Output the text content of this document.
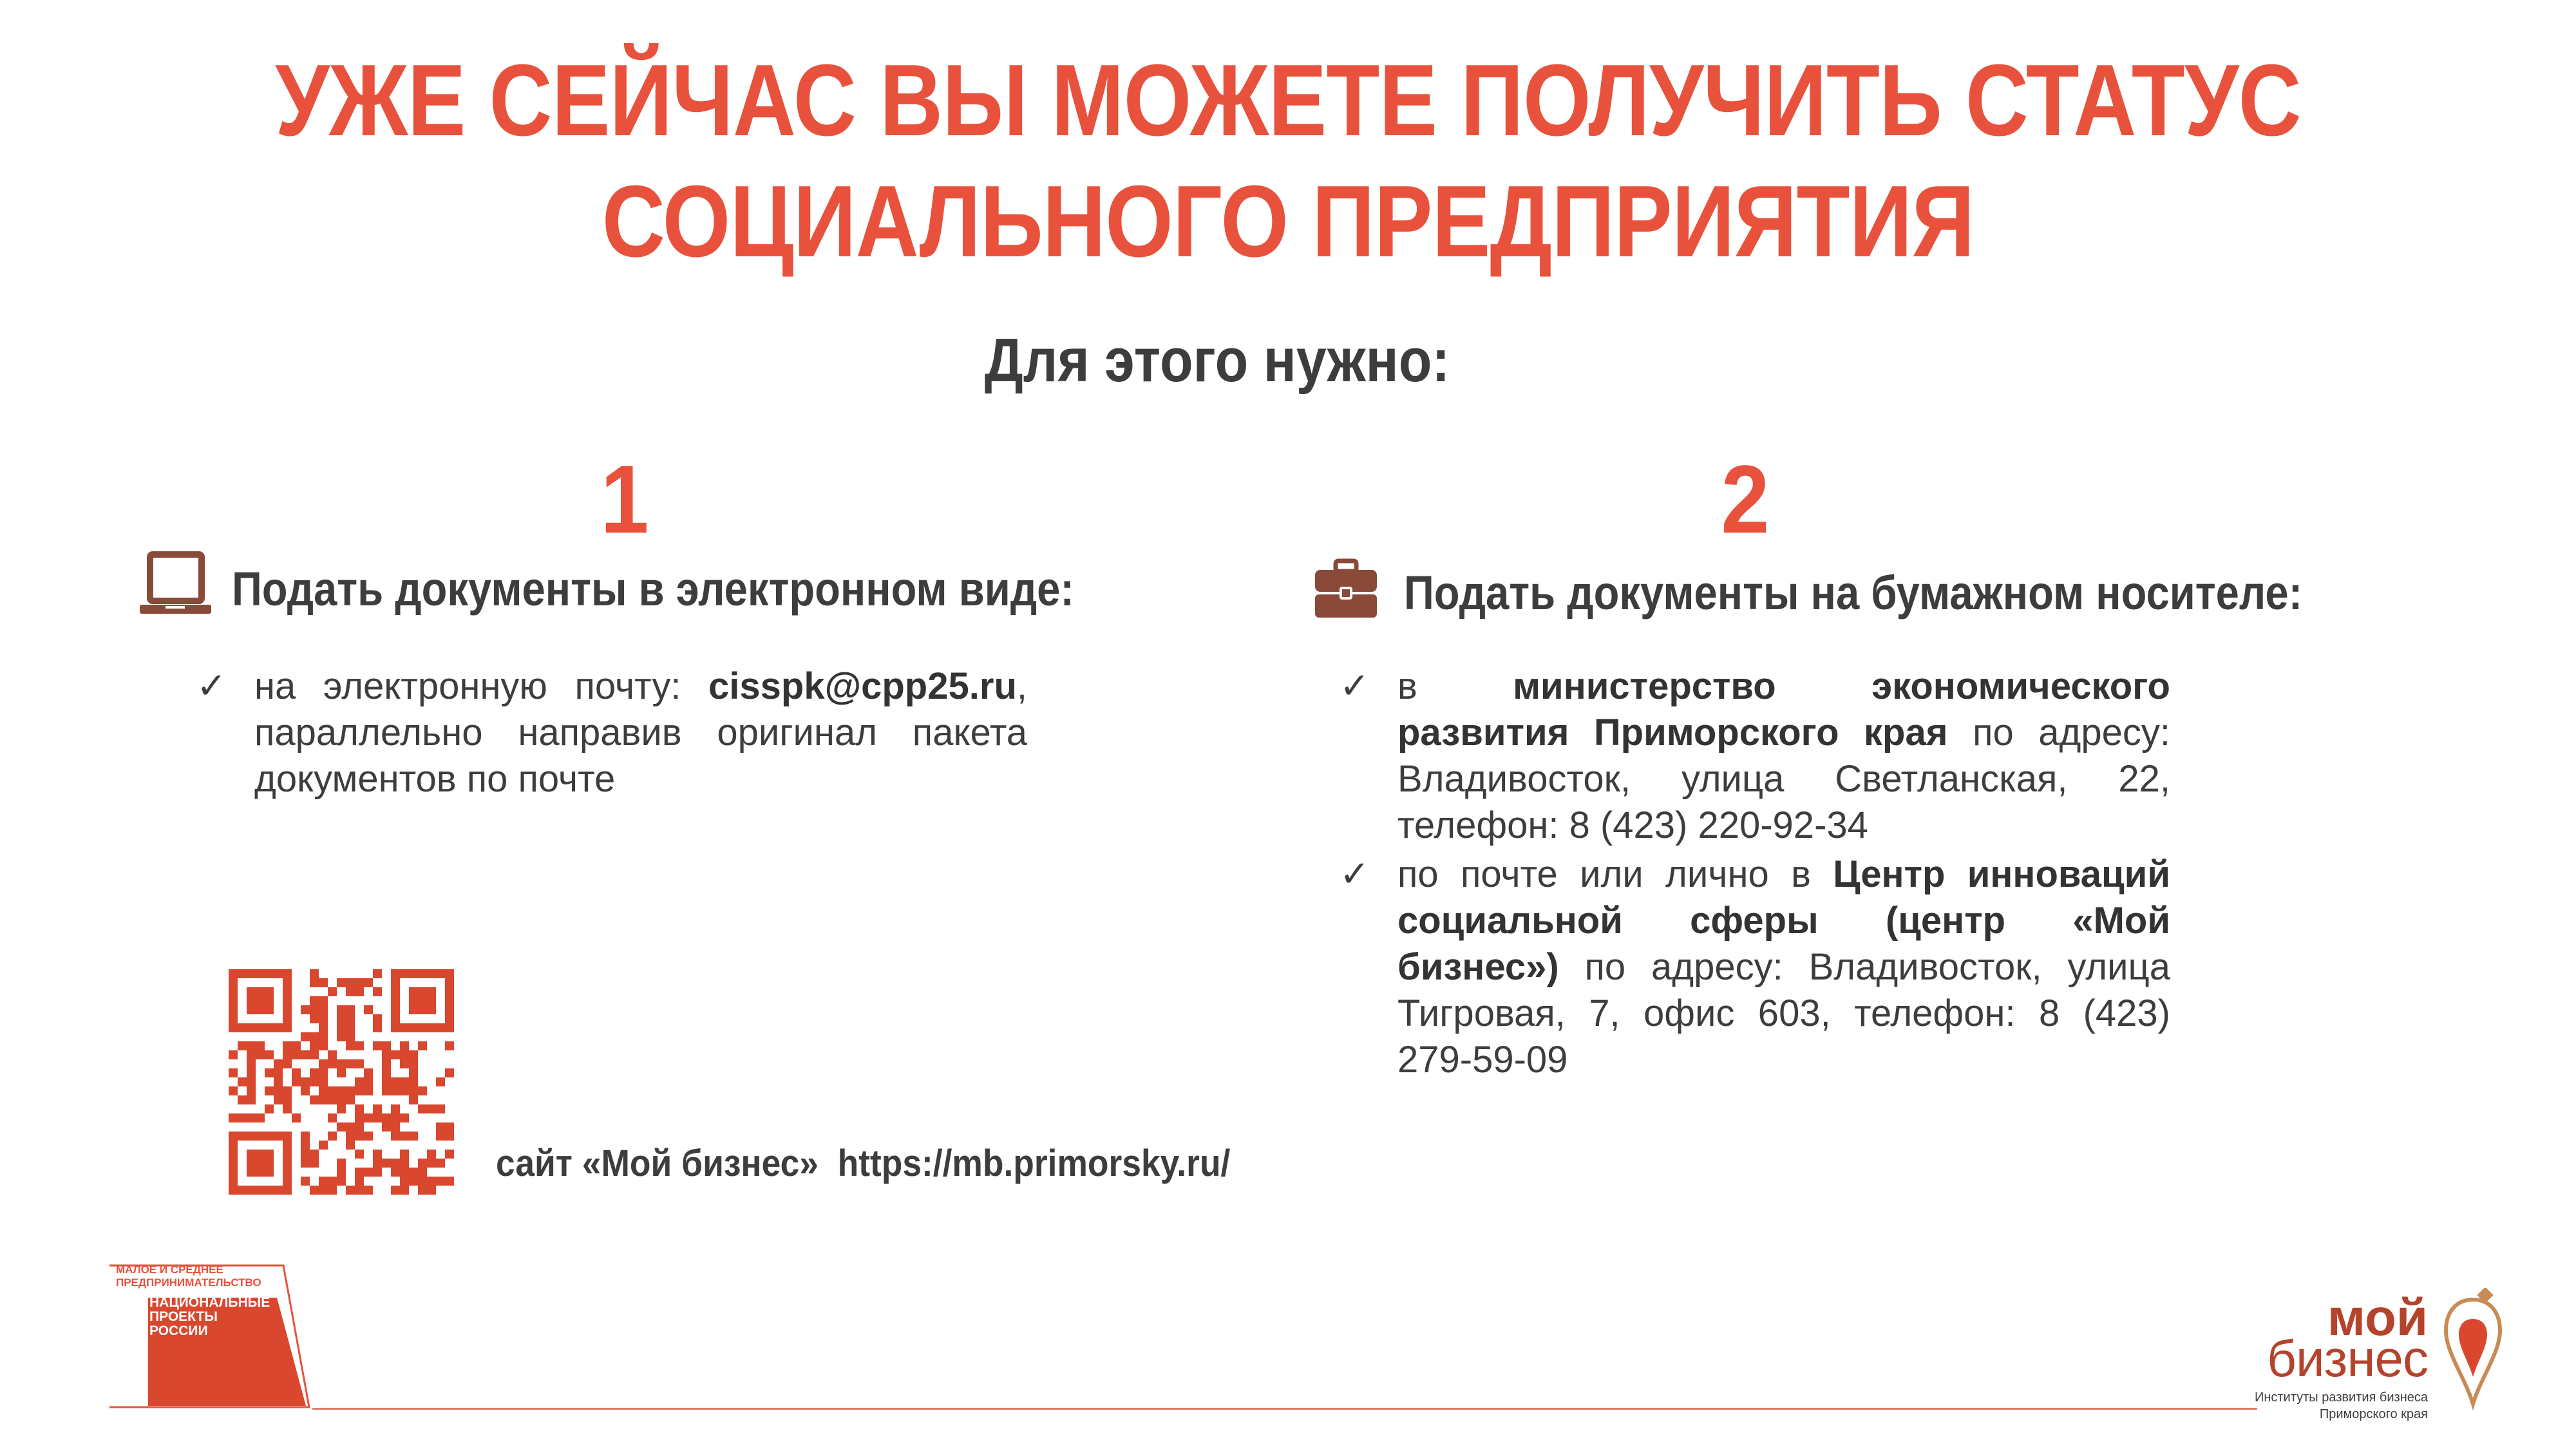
УЖЕ СЕЙЧАС ВЫ МОЖЕТЕ ПОЛУЧИТЬ СТАТУС
СОЦИАЛЬНОГО ПРЕДПРИЯТИЯ
Для этого нужно:
1	2
Подать документы в электронном виде:	Подать документы на бумажном носителе:
✓ на электронную почту: cisspk@cpp25.ru, параллельно направив оригинал пакета документов по почте
✓ в министерство экономического развития Приморского края по адресу: Владивосток, улица Светланская, 22, телефон: 8 (423) 220-92-34
✓ по почте или лично в Центр инноваций социальной сферы (центр «Мой бизнес») по адресу: Владивосток, улица Тигровая, 7, офис 603, телефон: 8 (423) 279-59-09
сайт «Мой бизнес» https://mb.primorsky.ru/
МАЛОЕ И СРЕДНЕЕ ПРЕДПРИНИМАТЕЛЬСТВО
НАЦИОНАЛЬНЫЕ ПРОЕКТЫ РОССИИ	мой
бизнес
Институты развития бизнеса
Приморского края
